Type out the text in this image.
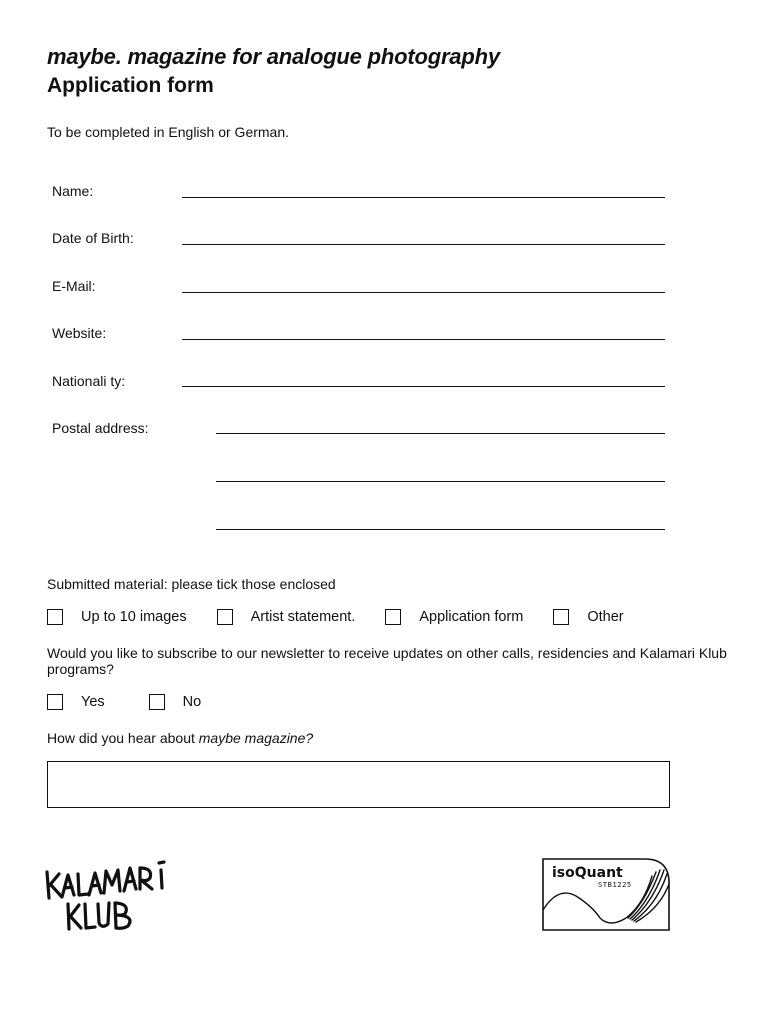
maybe. magazine for analogue photography
Application form
To be completed in English or German.
Name:
Date of Birth:
E-Mail:
Website:
Nationali ty:
Postal address:
Submitted material: please tick those enclosed
Up to 10 images	Artist statement.	Application form	Other
Would you like to subscribe to our newsletter to receive updates on other calls, residencies and Kalamari Klub programs?
Yes	No
How did you hear about maybe magazine?
isoQuant
STB1225
